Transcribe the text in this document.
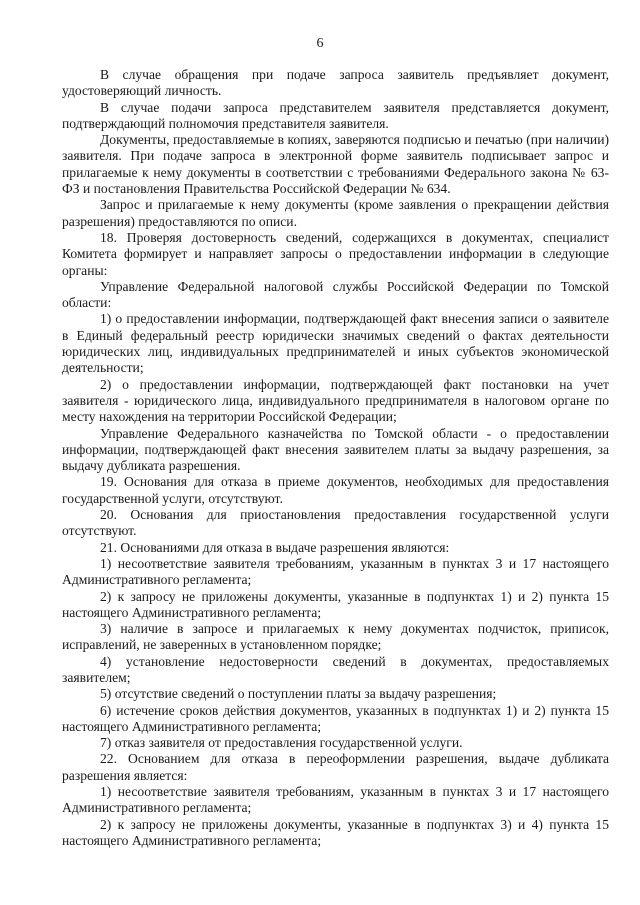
6

В случае обращения при подаче запроса заявитель предъявляет документ, удостоверяющий личность.

В случае подачи запроса представителем заявителя представляется документ, подтверждающий полномочия представителя заявителя.

Документы, предоставляемые в копиях, заверяются подписью и печатью (при наличии) заявителя. При подаче запроса в электронной форме заявитель подписывает запрос и прилагаемые к нему документы в соответствии с требованиями Федерального закона № 63-ФЗ и постановления Правительства Российской Федерации № 634.

Запрос и прилагаемые к нему документы (кроме заявления о прекращении действия разрешения) предоставляются по описи.

18. Проверяя достоверность сведений, содержащихся в документах, специалист Комитета формирует и направляет запросы о предоставлении информации в следующие органы:

Управление Федеральной налоговой службы Российской Федерации по Томской области:

1) о предоставлении информации, подтверждающей факт внесения записи о заявителе в Единый федеральный реестр юридически значимых сведений о фактах деятельности юридических лиц, индивидуальных предпринимателей и иных субъектов экономической деятельности;

2) о предоставлении информации, подтверждающей факт постановки на учет заявителя - юридического лица, индивидуального предпринимателя в налоговом органе по месту нахождения на территории Российской Федерации;

Управление Федерального казначейства по Томской области - о предоставлении информации, подтверждающей факт внесения заявителем платы за выдачу разрешения, за выдачу дубликата разрешения.

19. Основания для отказа в приеме документов, необходимых для предоставления государственной услуги, отсутствуют.

20. Основания для приостановления предоставления государственной услуги отсутствуют.

21. Основаниями для отказа в выдаче разрешения являются:

1) несоответствие заявителя требованиям, указанным в пунктах 3 и 17 настоящего Административного регламента;

2) к запросу не приложены документы, указанные в подпунктах 1) и 2) пункта 15 настоящего Административного регламента;

3) наличие в запросе и прилагаемых к нему документах подчисток, приписок, исправлений, не заверенных в установленном порядке;

4) установление недостоверности сведений в документах, предоставляемых заявителем;

5) отсутствие сведений о поступлении платы за выдачу разрешения;

6) истечение сроков действия документов, указанных в подпунктах 1) и 2) пункта 15 настоящего Административного регламента;

7) отказ заявителя от предоставления государственной услуги.

22. Основанием для отказа в переоформлении разрешения, выдаче дубликата разрешения является:

1) несоответствие заявителя требованиям, указанным в пунктах 3 и 17 настоящего Административного регламента;

2) к запросу не приложены документы, указанные в подпунктах 3) и 4) пункта 15 настоящего Административного регламента;
